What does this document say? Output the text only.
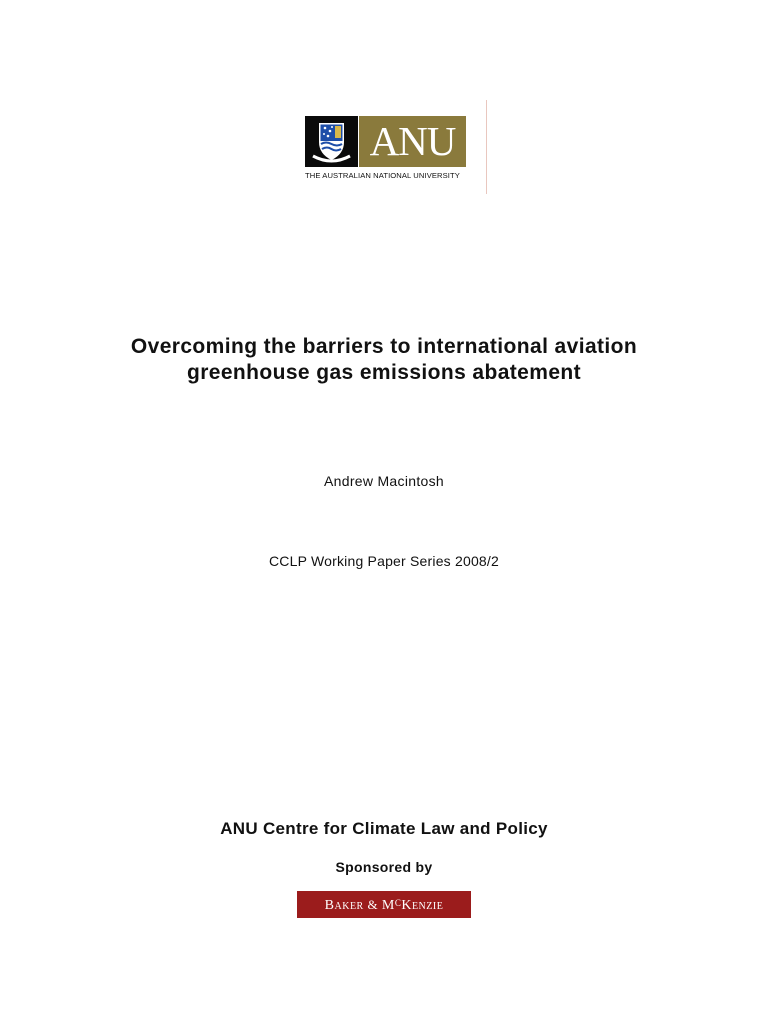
ANU
THE AUSTRALIAN NATIONAL UNIVERSITY
Overcoming the barriers to international aviation greenhouse gas emissions abatement
Andrew Macintosh
CCLP Working Paper Series 2008/2
ANU Centre for Climate Law and Policy
Sponsored by
BAKER & $M^CKENZIE$
